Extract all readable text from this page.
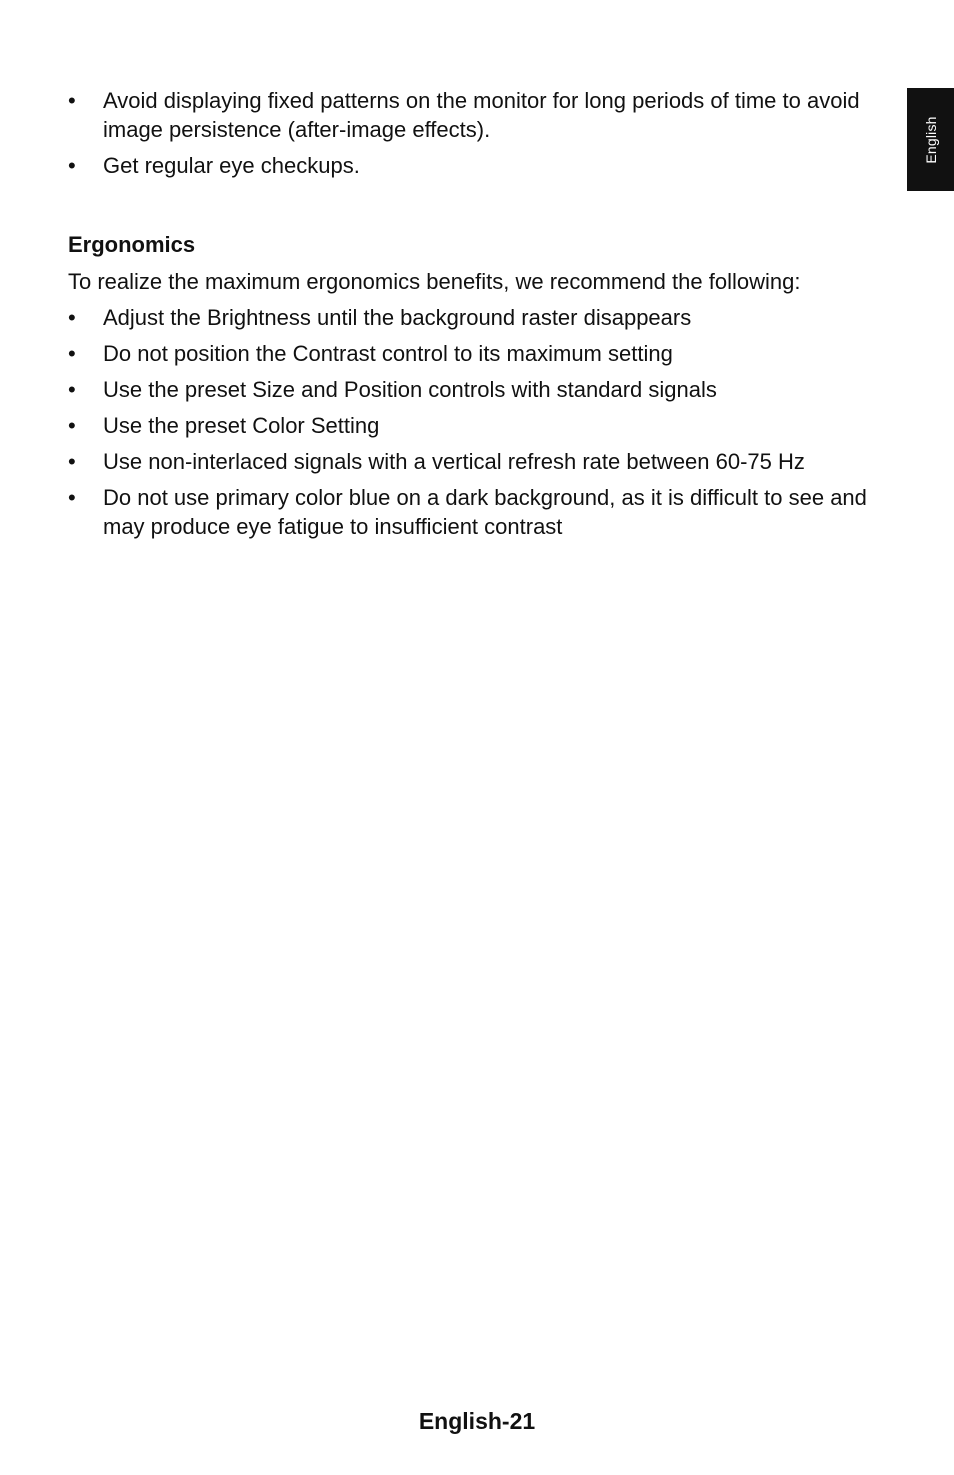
English
• Avoid displaying fixed patterns on the monitor for long periods of time to avoid image persistence (after-image effects).
• Get regular eye checkups.
Ergonomics

To realize the maximum ergonomics benefits, we recommend the following:

• Adjust the Brightness until the background raster disappears
• Do not position the Contrast control to its maximum setting
• Use the preset Size and Position controls with standard signals
• Use the preset Color Setting
• Use non-interlaced signals with a vertical refresh rate between 60-75 Hz
• Do not use primary color blue on a dark background, as it is difficult to see and may produce eye fatigue to insufficient contrast
English-21
